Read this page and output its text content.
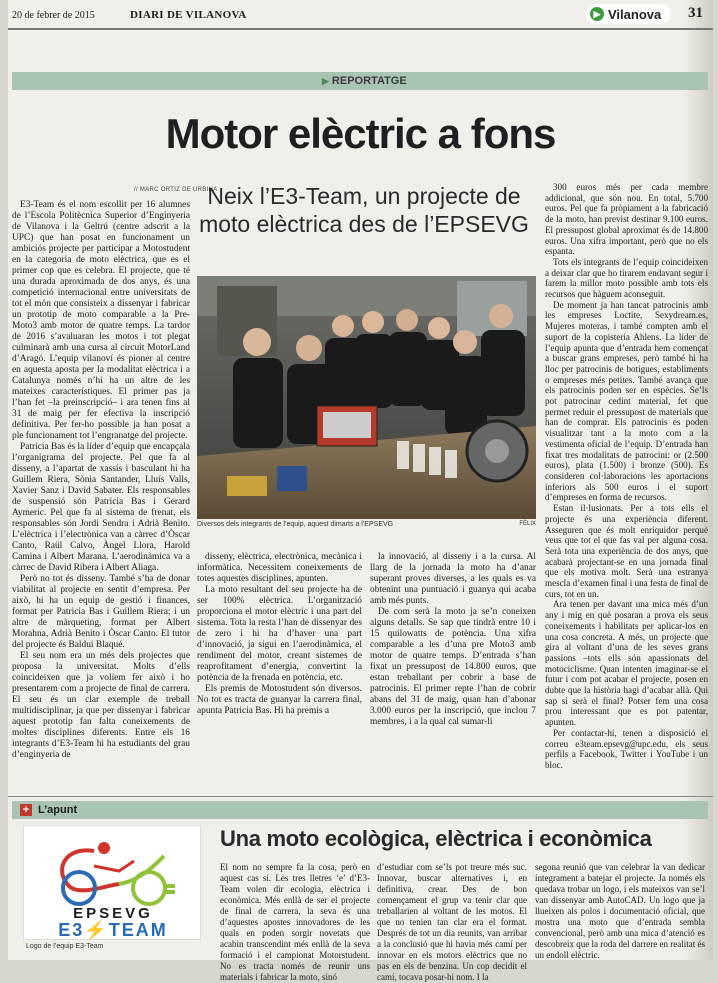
20 de febrer de 2015	DIARI DE VILANOVA	▶ Vilanova 31
▶ REPORTATGE
Motor elèctric a fons
// MARC ORTIZ DE URBINA
Neix l’E3-Team, un projecte de moto elèctrica des de l’EPSEVG

E3-Team és el nom escollit per 16 alumnes de l’Escola Politècnica Superior d’Enginyeria de Vilanova i la Geltrú (centre adscrit a la UPC) que han posat en funcionament un ambiciós projecte per participar a Motostudent en la categoria de moto elèctrica, que es el primer cop que es celebra. El projecte, que té una durada aproximada de dos anys, és una competició internacional entre universitats de tot el món que consisteix a dissenyar i fabricar un prototip de moto comparable a la Pre-Moto3 amb motor de quatre temps. La tardor de 2016 s’avaluaran les motos i tot plegat culminarà amb una cursa al circuit MotorLand d’Aragó. L’equip vilanoví és pioner al centre en aquesta aposta per la modalitat elèctrica i a Catalunya només n’hi ha un altre de les mateixes característiques. El primer pas ja l’han fet –la preinscripció– i ara tenen fins al 31 de maig per fer efectiva la inscripció definitiva. Per fer-ho possible ja han posat a ple funcionament tot l’engranatge del projecte.

Patricia Bas és la líder d’equip que encapçala l’organigrama del projecte. Pel que fa al disseny, a l’apartat de xassís i basculant hi ha Guillem Riera, Sònia Santander, Lluís Valls, Xavier Sanz i David Sabater. Els responsables de suspensió són Patricia Bas i Gerard Aymeric. Pel que fa al sistema de frenat, els responsables són Jordi Sendra i Adrià Benito. L’elèctrica i l’electrònica van a càrrec d’Òscar Canto, Raül Calvo, Àngel Llora, Harold Camina i Albert Marana. L’aerodinàmica va a càrrec de David Ribera i Albert Aliaga.

Però no tot és disseny. També s’ha de donar viabilitat al projecte en sentit d’empresa. Per això, hi ha un equip de gestió i finances, format per Patricia Bas i Guillem Riera; i un altre de màrqueting, format per Albert Morahna, Adrià Benito i Òscar Canto. El tutor del projecte és Baldui Blaqué.

El seu nom era un més dels projectes que proposa la universitat. Molts d’ells coincideixen que ja volíem fer això i ho presentarem com a projecte de final de carrera. El seu és un clar exemple de treball multidisciplinar, ja que per dissenyar i fabricar aquest prototip fan falta coneixements de moltes disciplines diferents. Entre els 16 integrants d’E3-Team hi ha estudiants del grau d’enginyeria de

Diversos dels integrants de l’equip, aquest dimarts a l’EPSEVG	FÈLIX

disseny, elèctrica, electrònica, mecànica i informàtica. Necessitem coneixements de totes aquestes disciplines, apunten.

La moto resultant del seu projecte ha de ser 100% elèctrica. L’organització proporciona el motor elèctric i una part del sistema. Tota la resta l’han de dissenyar des de zero i hi ha d’haver una part d’innovació, ja sigui en l’aerodinàmica, el rendiment del motor, creant sistemes de reaprofitament d’energia, convertint la potència de la frenada en potència, etc.

Els premis de Motostudent són diversos. No tot es tracta de guanyar la carrera final, apunta Patricia Bas. Hi ha premis a

la innovació, al disseny i a la cursa. Al llarg de la jornada la moto ha d’anar superant proves diverses, a les quals es va obtenint una puntuació i guanya qui acaba amb més punts.

De com serà la moto ja se’n coneixen alguns detalls. Se sap que tindrà entre 10 i 15 quilowatts de potència. Una xifra comparable a les d’una pre Moto3 amb motor de quatre temps. D’entrada s’han fixat un pressupost de 14.800 euros, que estan treballant per cobrir a base de patrocinis. El primer repte l’han de cobrir abans del 31 de maig, quan han d’abonar 3.000 euros per la inscripció, que inclou 7 membres, i a la qual cal sumar-li

300 euros més per cada membre addicional, que són nou. En total, 5.700 euros. Pel que fa pròpiament a la fabricació de la moto, han previst destinar 9.100 euros. El pressupost global aproximat és de 14.800 euros. Una xifra important, però que no els espanta.

Tots els integrants de l’equip coincideixen a deixar clar que ho tirarem endavant segur i farem la millor moto possible amb tots els recursos que hàguem aconseguit.

De moment ja han tancat patrocinis amb les empreses Loctite, Sexydream.es, Mujeres moteras, i també compten amb el suport de la copisteria Ahlens. La líder de l’equip apunta que d’entrada hem començat a buscar grans empreses, però també hi ha lloc per patrocinis de botigues, establiments o empreses més petites. També avança que els patrocinis poden ser en espècies. Se’ls pot patrocinar cedint material, fet que permet reduir el pressupost de materials que han de comprar. Els patrocinis es poden visualitzar tant a la moto com a la vestimenta oficial de l’equip. D’entrada han fixat tres modalitats de patrocini: or (2.500 euros), plata (1.500) i bronze (500). Es consideren col·laboracions les aportacions inferiors als 500 euros i el suport d’empreses en forma de recursos.

Estan il·lusionats. Per a tots ells el projecte és una experiència diferent. Asseguren que és molt enriquidor perquè veus que tot el que fas val per alguna cosa. Serà tota una experiència de dos anys, que acabarà projectant-se en una jornada final que els motiva molt. Serà una estranya mescla d’examen final i una festa de final de curs, tot en un.

Ara tenen per davant una mica més d’un any i mig en què posaran a prova els seus coneixements i habilitats per aplicar-los en una cosa concreta. A més, un projecte que gira al voltant d’una de les seves grans passions –tots ells són apassionats del motociclisme. Quan intenten imaginar-se el futur i com pot acabar el projecte, posen en dubte que la història hagi d’acabar allà. Qui sap si serà el final? Potser fem una cosa prou interessant que es pot patentar, apunten.

Per contactar-hi, tenen a disposició el correu e3team.epsevg@upc.edu, els seus perfils a Facebook, Twitter i YouTube i un bloc.

+ L’apunt
EPSEVG
E3⚡TEAM
Logo de l’equip E3-Team
Una moto ecològica, elèctrica i econòmica
El nom no sempre fa la cosa, però en aquest cas sí. Les tres lletres ‘e’ d’E3-Team volen dir ecologia, elèctrica i econòmica. Més enllà de ser el projecte de final de carrera, la seva és una d’aquestes apostes innovadores de les quals en poden sorgir novetats que acabin transcendint més enllà de la seva formació i el campionat Motorstudent. No es tracta només de reunir uns materials i fabricar la moto, sinó
d’estudiar com se’ls pot treure més suc. Innovar, buscar alternatives i, en definitiva, crear. Des de bon començament el grup va tenir clar que treballarien al voltant de les motos. El que no tenien tan clar era el format. Després de tot un dia reunits, van arribar a la conclusió que hi havia més camí per innovar en els motors elèctrics que no pas en els de benzina. Un cop decidit el camí, tocava posar-hi nom. I la
segona reunió que van celebrar la van dedicar íntegrament a batejar el projecte. Ja només els quedava trobar un logo, i els mateixos van se’l van dissenyar amb AutoCAD. Un logo que ja llueixen als polos i documentació oficial, que mostra una moto que d’entrada sembla convencional, però amb una mica d’atenció es descobreix que la roda del darrere en realitat és un endoll elèctric.
